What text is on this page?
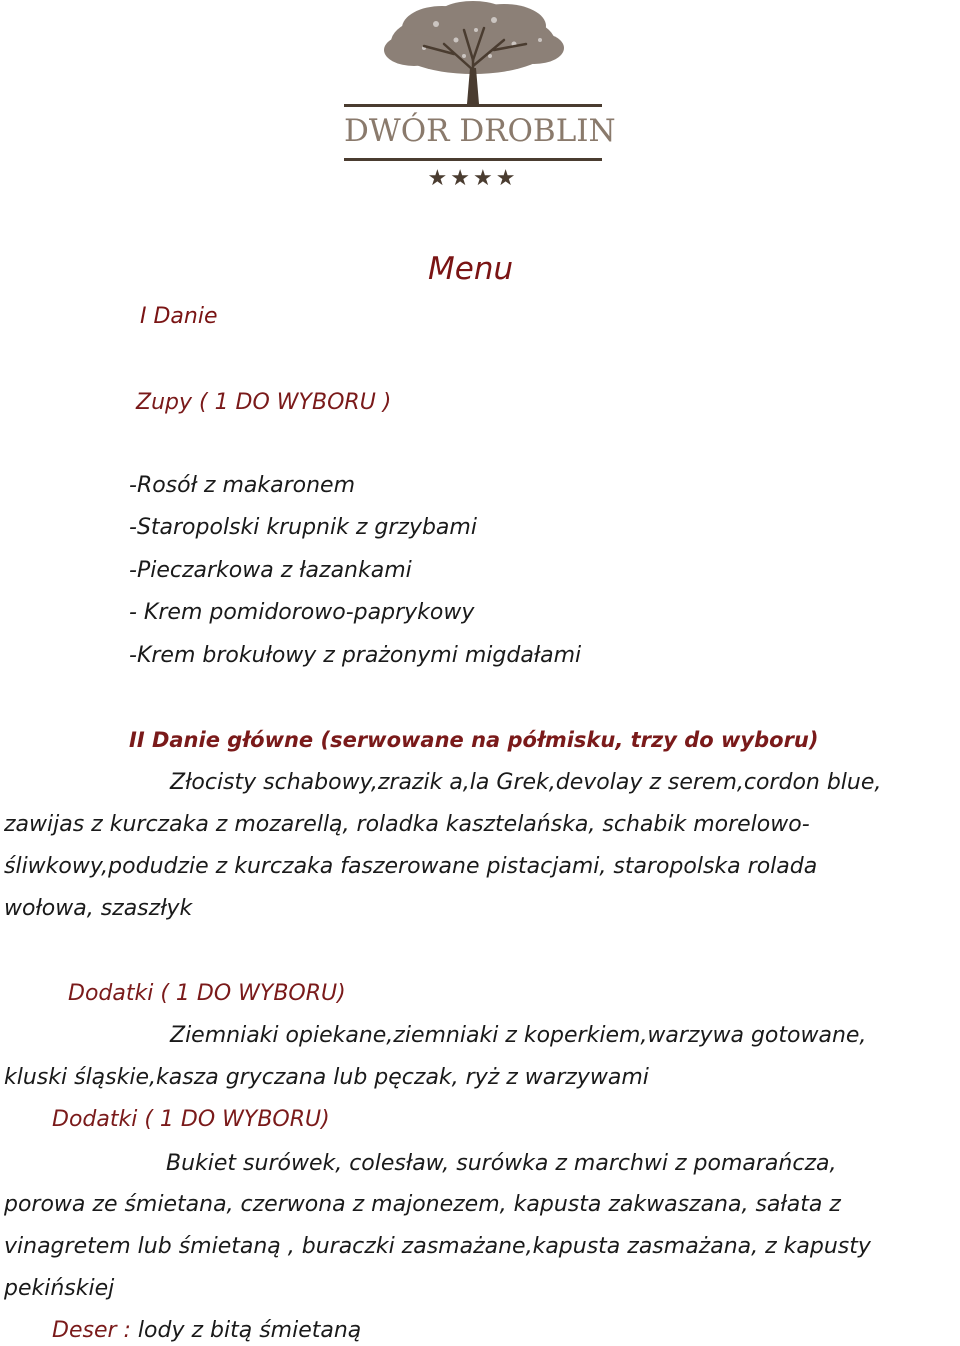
DWÓR DROBLIN
★★★★
Menu
I Danie
Zupy ( 1 DO WYBORU )
-Rosół z makaronem
-Staropolski krupnik z grzybami
-Pieczarkowa z łazankami
- Krem pomidorowo-paprykowy
-Krem brokułowy z prażonymi migdałami
II Danie główne (serwowane na półmisku, trzy do wyboru)
Złocisty schabowy,zrazik a,la Grek,devolay z serem,cordon blue,
zawijas z kurczaka z mozarellą, roladka kasztelańska, schabik morelowo-
śliwkowy,podudzie z kurczaka faszerowane pistacjami, staropolska rolada
wołowa, szaszłyk
Dodatki ( 1 DO WYBORU)
Ziemniaki opiekane,ziemniaki z koperkiem,warzywa gotowane,
kluski śląskie,kasza gryczana lub pęczak, ryż z warzywami
Dodatki ( 1 DO WYBORU)
Bukiet surówek, colesław, surówka z marchwi z pomarańcza,
porowa ze śmietana, czerwona z majonezem, kapusta zakwaszana, sałata z
vinagretem lub śmietaną , buraczki zasmażane,kapusta zasmażana, z kapusty
pekińskiej
Deser : lody z bitą śmietaną
